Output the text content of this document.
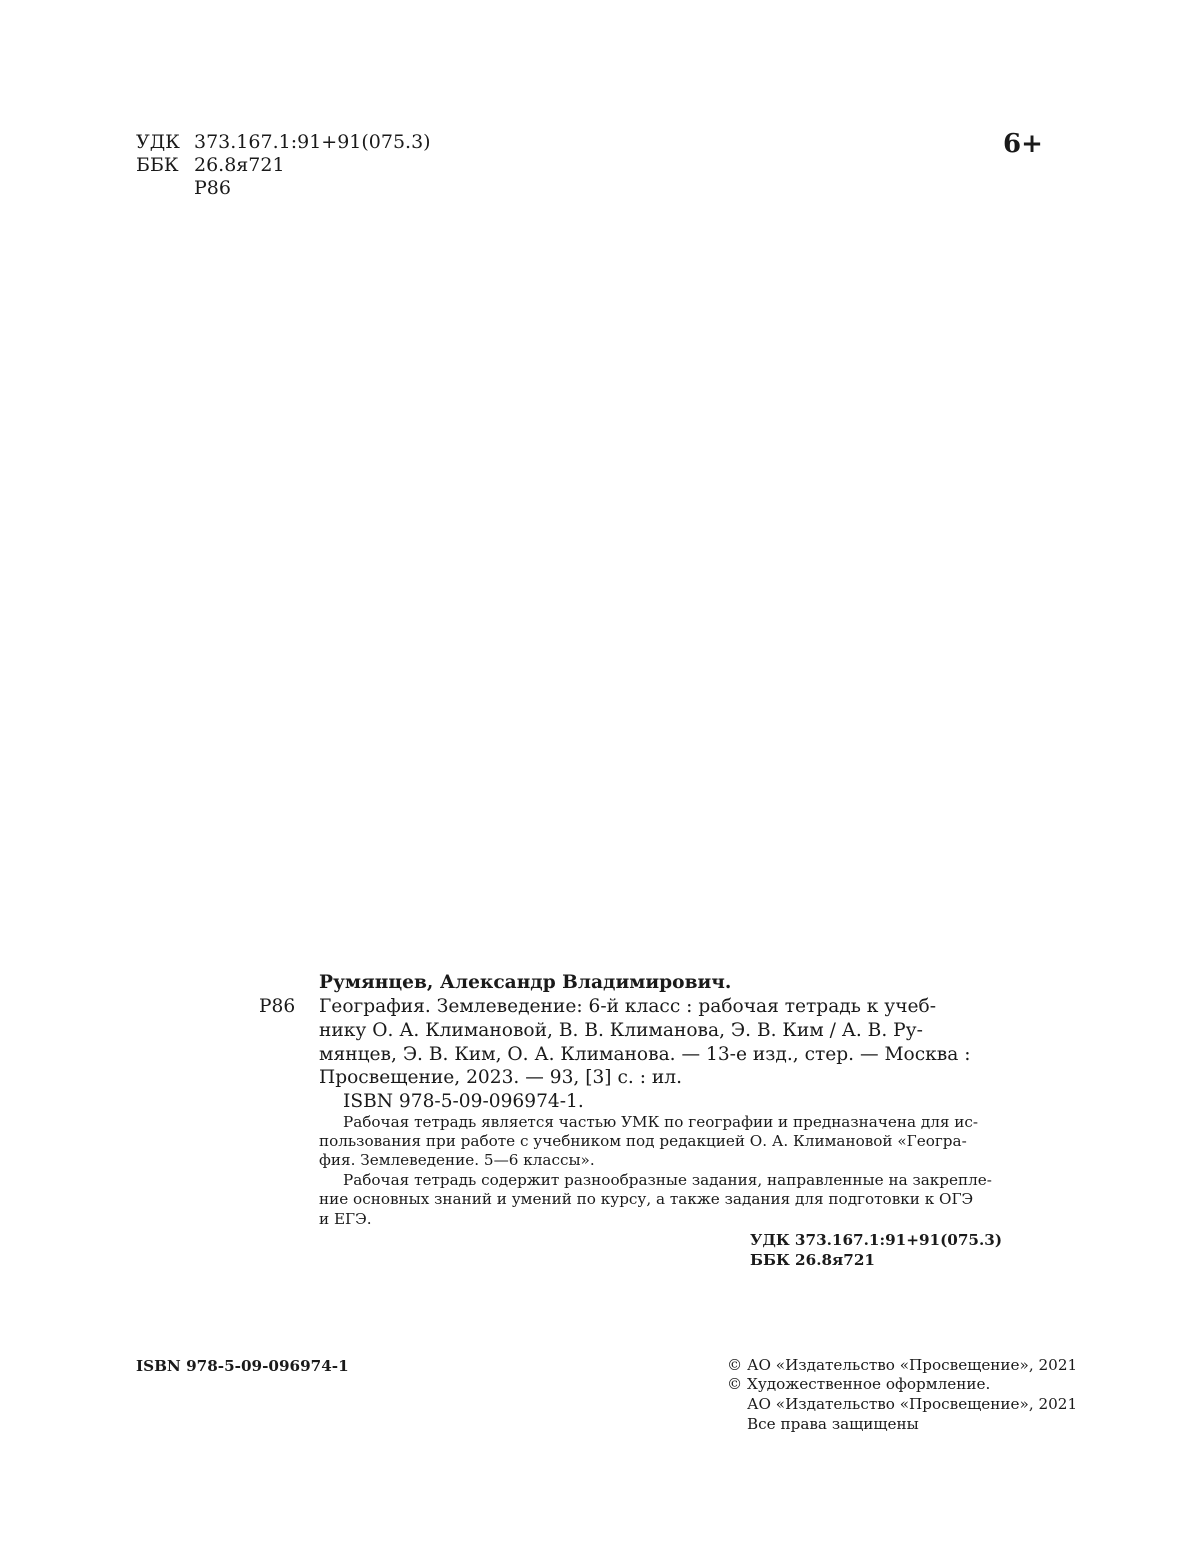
УДК 373.167.1:91+91(075.3)
ББК 26.8я721
Р86
6+
Румянцев, Александр Владимирович.
Р86 География. Землеведение: 6-й класс : рабочая тетрадь к учеб-
нику О. А. Климановой, В. В. Климанова, Э. В. Ким / А. В. Ру-
мянцев, Э. В. Ким, О. А. Климанова. — 13-е изд., стер. — Москва :
Просвещение, 2023. — 93, [3] с. : ил.
ISBN 978-5-09-096974-1.
Рабочая тетрадь является частью УМК по географии и предназначена для ис-
пользования при работе с учебником под редакцией О. А. Климановой «Геогра-
фия. Землеведение. 5—6 классы».
Рабочая тетрадь содержит разнообразные задания, направленные на закрепле-
ние основных знаний и умений по курсу, а также задания для подготовки к ОГЭ
и ЕГЭ.
УДК 373.167.1:91+91(075.3)
ББК 26.8я721
ISBN 978-5-09-096974-1	© АО «Издательство «Просвещение», 2021
© Художественное оформление.
АО «Издательство «Просвещение», 2021
Все права защищены
